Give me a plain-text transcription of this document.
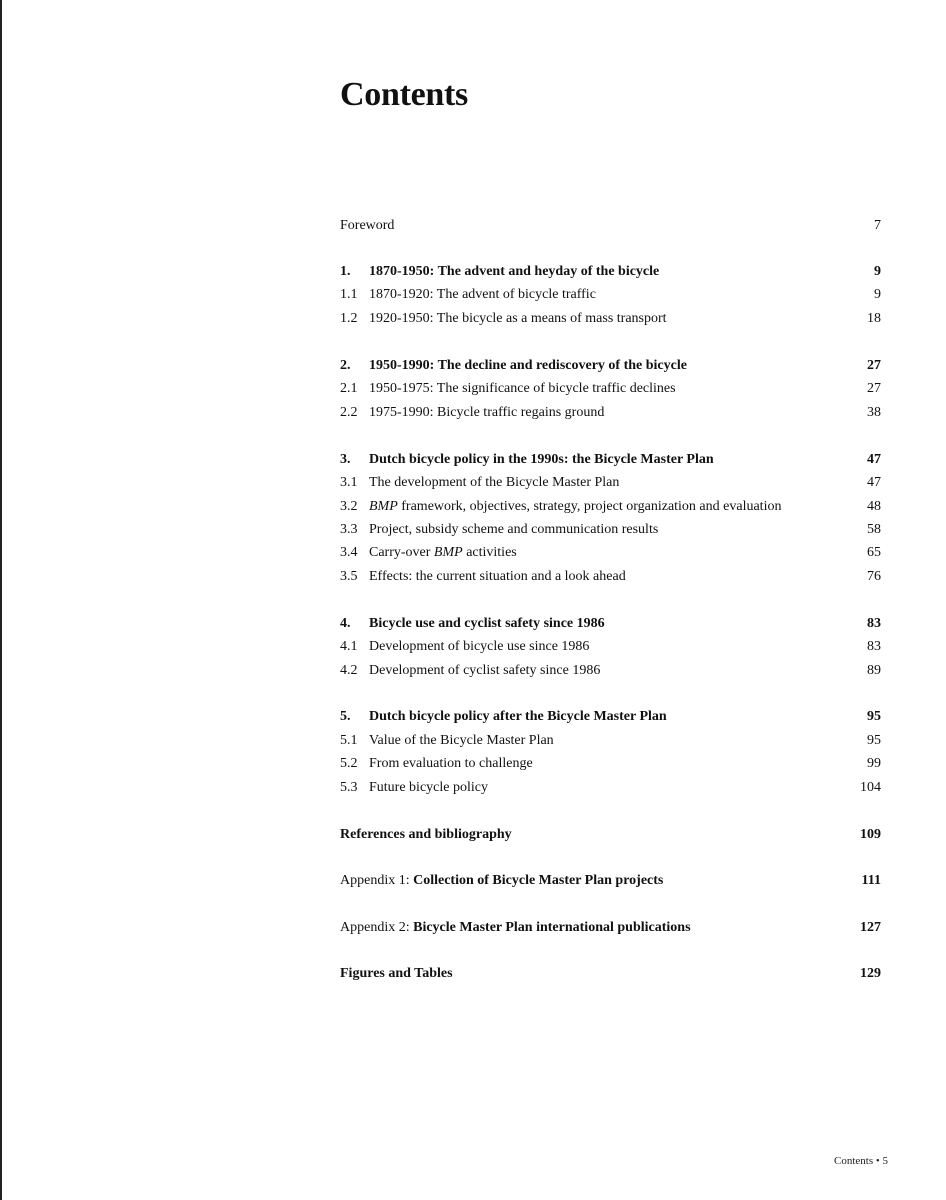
Contents
Foreword	7
1. 1870-1950: The advent and heyday of the bicycle	9
1.1 1870-1920: The advent of bicycle traffic	9
1.2 1920-1950: The bicycle as a means of mass transport	18
2. 1950-1990: The decline and rediscovery of the bicycle	27
2.1 1950-1975: The significance of bicycle traffic declines	27
2.2 1975-1990: Bicycle traffic regains ground	38
3. Dutch bicycle policy in the 1990s: the Bicycle Master Plan	47
3.1 The development of the Bicycle Master Plan	47
3.2 BMP framework, objectives, strategy, project organization and evaluation	48
3.3 Project, subsidy scheme and communication results	58
3.4 Carry-over BMP activities	65
3.5 Effects: the current situation and a look ahead	76
4. Bicycle use and cyclist safety since 1986	83
4.1 Development of bicycle use since 1986	83
4.2 Development of cyclist safety since 1986	89
5. Dutch bicycle policy after the Bicycle Master Plan	95
5.1 Value of the Bicycle Master Plan	95
5.2 From evaluation to challenge	99
5.3 Future bicycle policy	104
References and bibliography	109
Appendix 1: Collection of Bicycle Master Plan projects	111
Appendix 2: Bicycle Master Plan international publications	127
Figures and Tables	129
Contents • 5
